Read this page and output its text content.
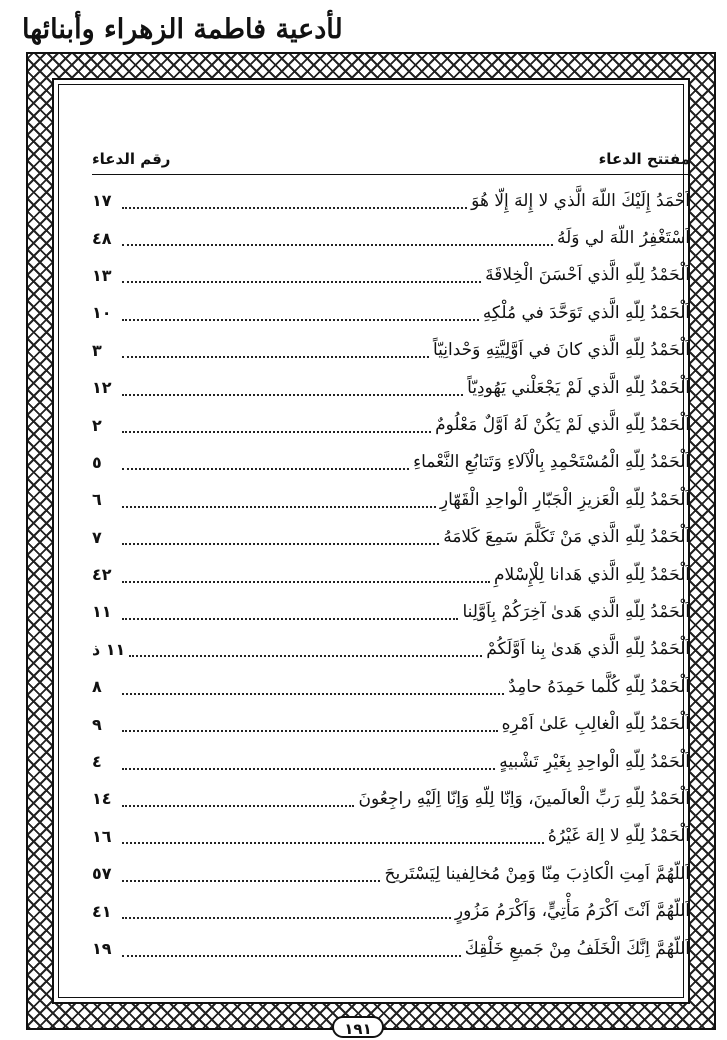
لأدعية فاطمة الزهراء وأبنائها
مفتتح الدعاء
رقم الدعاء
اَحْمَدُ إِلَيْكَ اللّهَ الَّذي لا إِلهَ إِلّا هُوَ
١٧
اَسْتَغْفِرُ اللّهَ لي وَلَهُ
٤٨
اَلْحَمْدُ لِلّهِ الَّذي اَحْسَنَ الْخِلاقَةَ
١٣
اَلْحَمْدُ لِلّهِ الَّذي تَوَحَّدَ في مُلْكِهِ
١٠
اَلْحَمْدُ لِلّهِ الَّذي كانَ في اَوَّلِيَّتِهِ وَحْدانِيّاً
٣
اَلْحَمْدُ لِلّهِ الَّذي لَمْ يَجْعَلْني يَهُودِيّاً
١٢
اَلْحَمْدُ لِلّهِ الَّذي لَمْ يَكُنْ لَهُ اَوَّلٌ مَعْلُومٌ
٢
اَلْحَمْدُ لِلّهِ الْمُسْتَحْمِدِ بِالْآلاءِ وَتَتابُعِ النَّعْماءِ
٥
اَلْحَمْدُ لِلّهِ الْعَزيزِ الْجَبّارِ الْواحِدِ الْقَهّارِ
٦
اَلْحَمْدُ لِلّهِ الَّذي مَنْ تَكَلَّمَ سَمِعَ كَلامَهُ
٧
اَلْحَمْدُ لِلّهِ الَّذي هَدانا لِلْإِسْلامِ
٤٢
اَلْحَمْدُ لِلّهِ الَّذي هَدىٰ آخِرَكُمْ بِاَوَّلِنا
١١
اَلْحَمْدُ لِلّهِ الَّذي هَدىٰ بِنا اَوَّلَكُمْ
١١ ذ
اَلْحَمْدُ لِلّهِ كُلَّما حَمِدَهُ حامِدٌ
٨
اَلْحَمْدُ لِلّهِ الْغالِبِ عَلىٰ اَمْرِهِ
٩
اَلْحَمْدُ لِلّهِ الْواحِدِ بِغَيْرِ تَشْبيهٍ
٤
اَلْحَمْدُ لِلّهِ رَبِّ الْعالَمينَ، وَاِنّا لِلّهِ وَاِنّا اِلَيْهِ راجِعُونَ
١٤
اَلْحَمْدُ لِلّهِ لا اِلهَ غَيْرُهُ
١٦
اَللّهُمَّ اَمِتِ الْكاذِبَ مِنّا وَمِنْ مُخالِفينا لِيَسْتَريحَ
٥٧
اَللّهُمَّ اَنْتَ اَكْرَمُ مَأْتِيٍّ، وَاَكْرَمُ مَزُورٍ
٤١
اَللّهُمَّ اِنَّكَ الْخَلَفُ مِنْ جَميعِ خَلْقِكَ
١٩
١٩١
